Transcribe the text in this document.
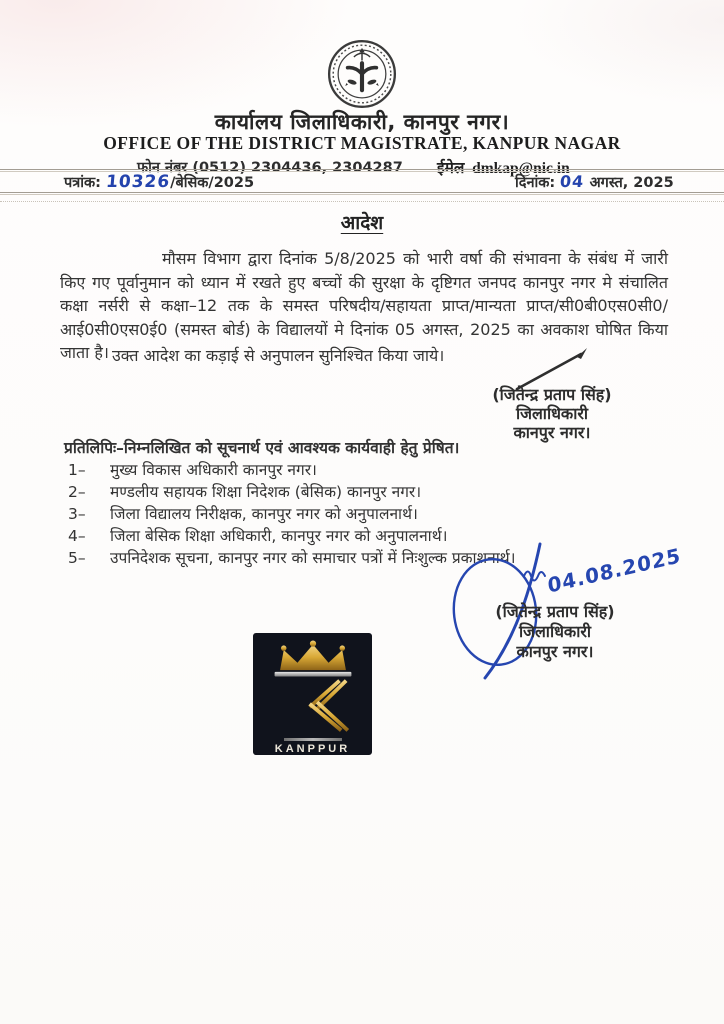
कार्यालय जिलाधिकारी, कानपुर नगर।
OFFICE OF THE DISTRICT MAGISTRATE, KANPUR NAGAR
फोन नंबर (0512) 2304436, 2304287 ईमेल–dmkap@nic.in
पत्रांक: 10326/बेसिक/2025	दिनांक: 04 अगस्त, 2025
आदेश
मौसम विभाग द्वारा दिनांक 5/8/2025 को भारी वर्षा की संभावना के संबंध में जारी किए गए पूर्वानुमान को ध्यान में रखते हुए बच्चों की सुरक्षा के दृष्टिगत जनपद कानपुर नगर मे संचालित कक्षा नर्सरी से कक्षा–12 तक के समस्त परिषदीय/सहायता प्राप्त/मान्यता प्राप्त/सी0बी0एस0सी0/आई0सी0एस0ई0 (समस्त बोर्ड) के विद्यालयों मे दिनांक 05 अगस्त, 2025 का अवकाश घोषित किया जाता है। उक्त आदेश का कड़ाई से अनुपालन सुनिश्चित किया जाये।
(जितेन्द्र प्रताप सिंह)
जिलाधिकारी
कानपुर नगर।
प्रतिलिपिः–निम्नलिखित को सूचनार्थ एवं आवश्यक कार्यवाही हेतु प्रेषित।
1– मुख्य विकास अधिकारी कानपुर नगर।
2– मण्डलीय सहायक शिक्षा निदेशक (बेसिक) कानपुर नगर।
3– जिला विद्यालय निरीक्षक, कानपुर नगर को अनुपालनार्थ।
4– जिला बेसिक शिक्षा अधिकारी, कानपुर नगर को अनुपालनार्थ।
5– उपनिदेशक सूचना, कानपुर नगर को समाचार पत्रों में निःशुल्क प्रकाशनार्थ।	04.08.2025
(जितेन्द्र प्रताप सिंह)
जिलाधिकारी
कानपुर नगर।
KANPPUR
